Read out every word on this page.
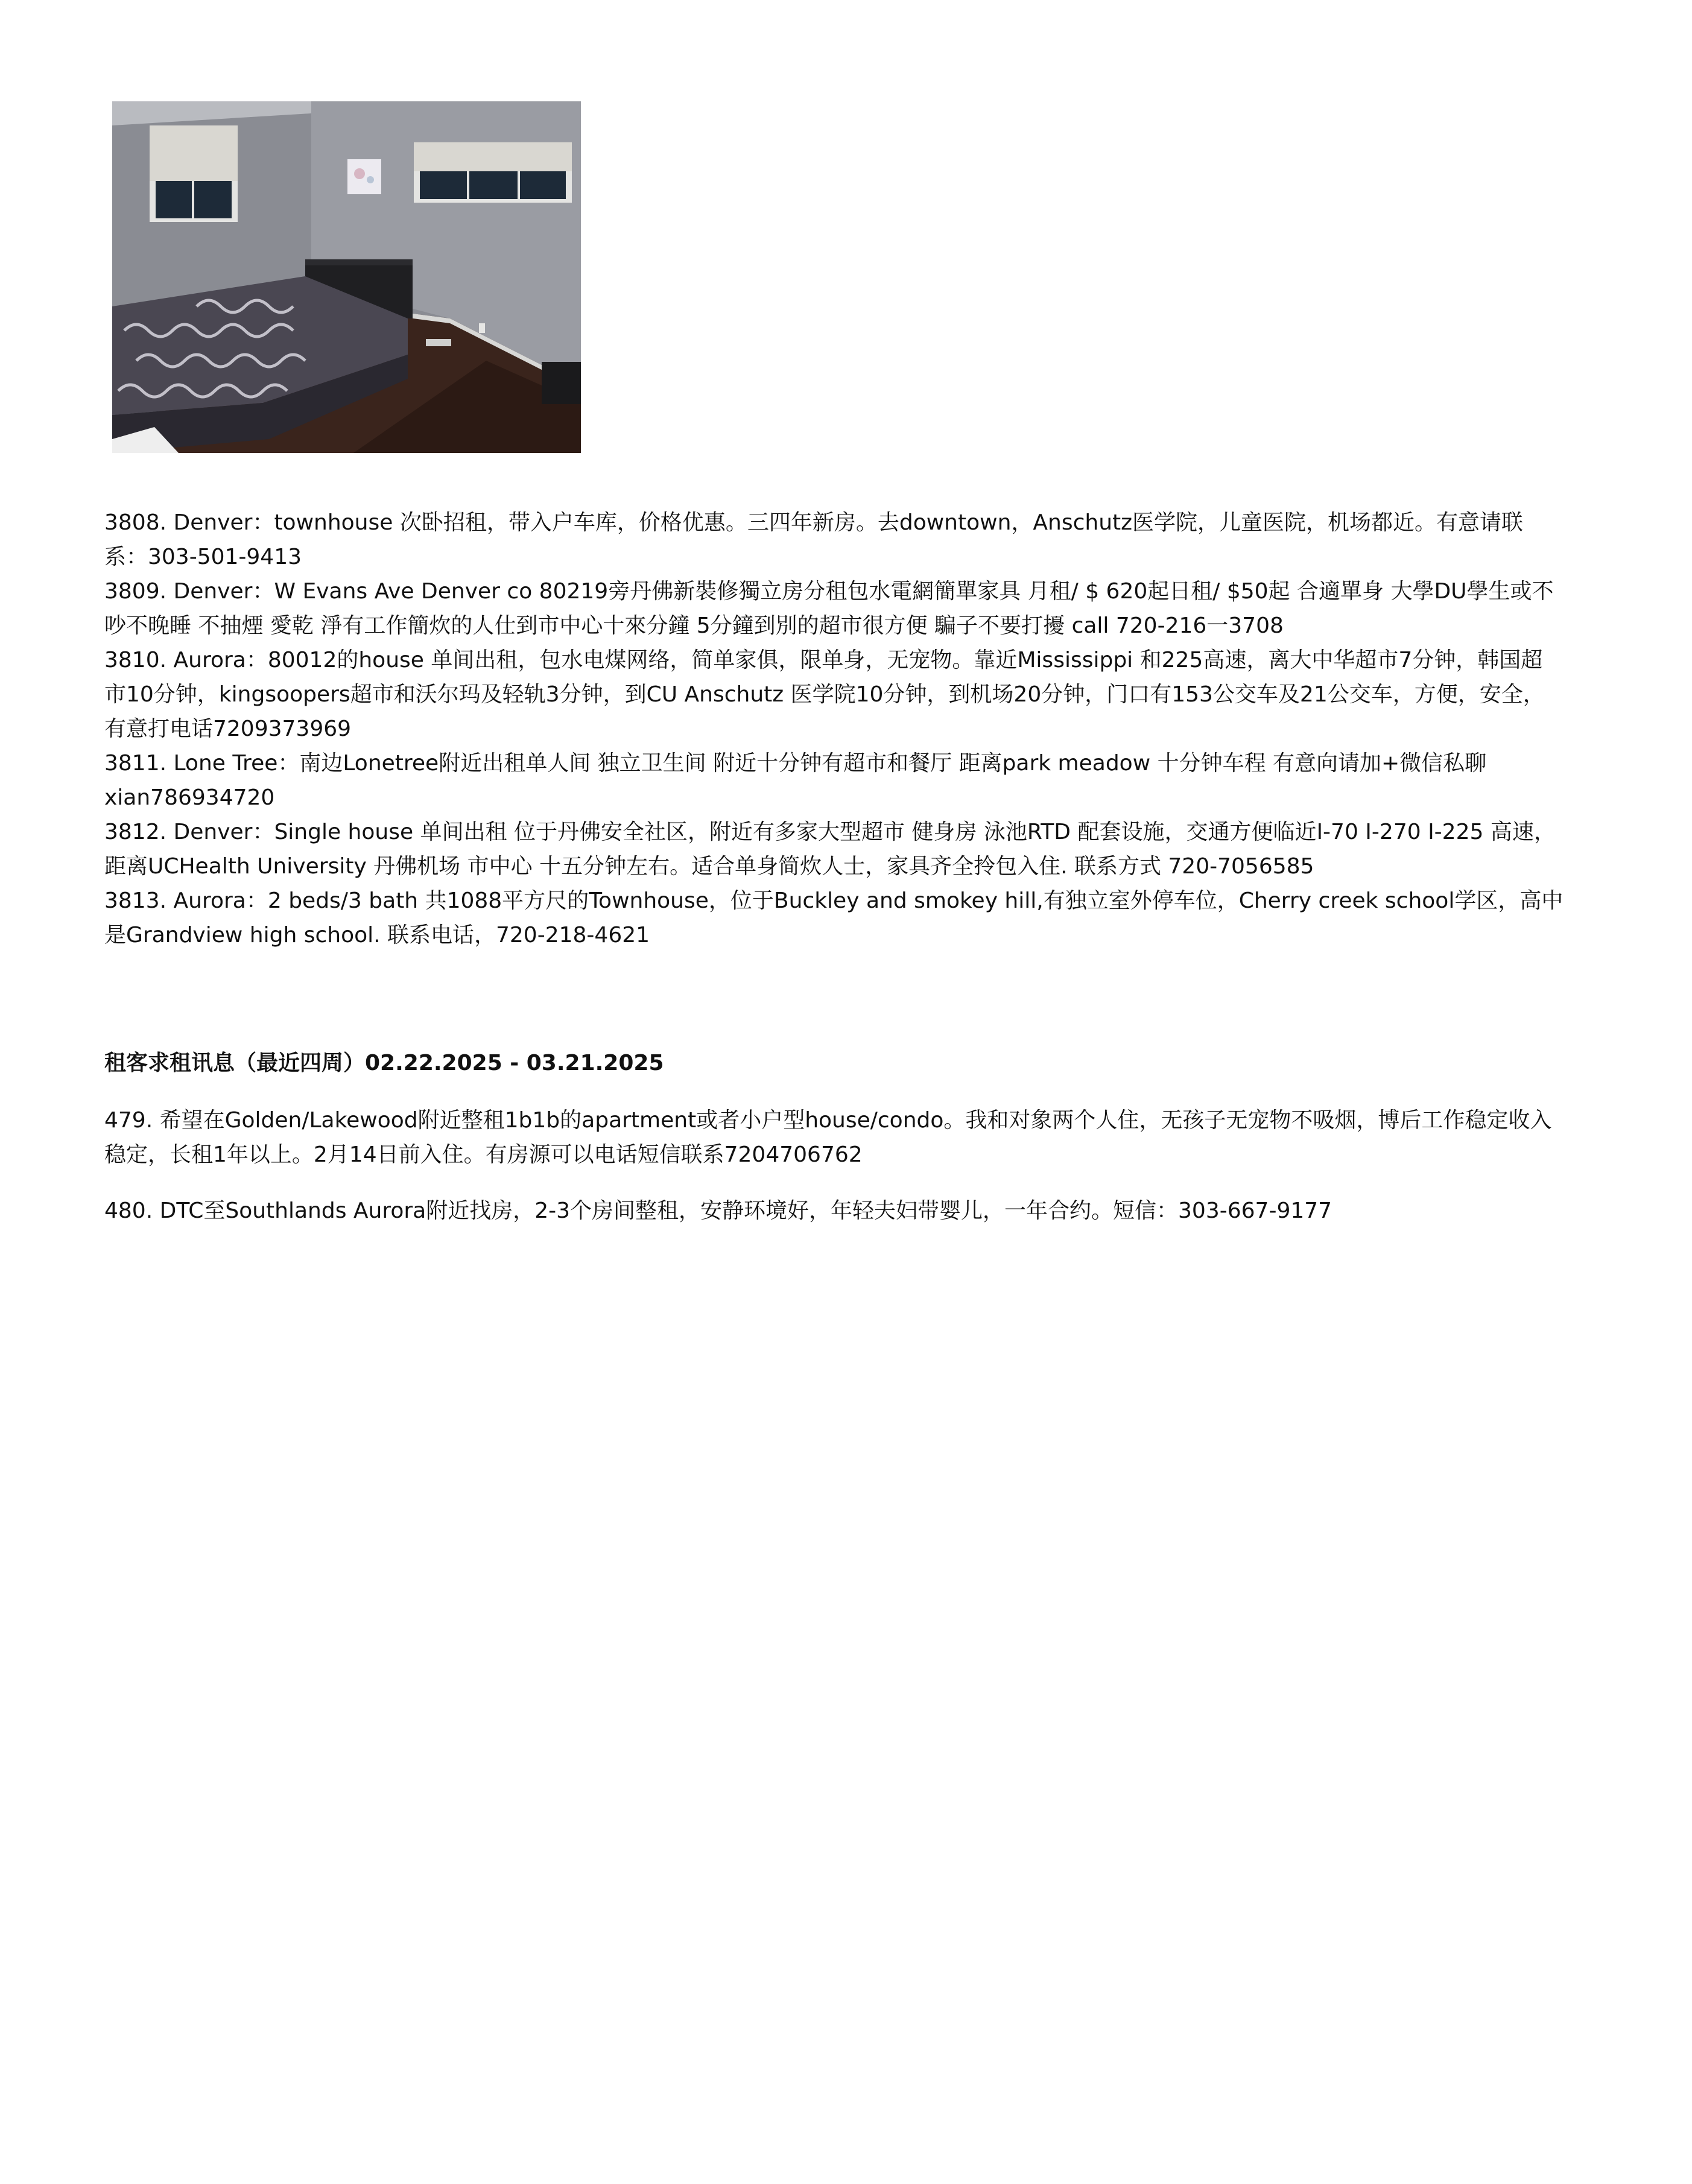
3808. Denver：townhouse 次卧招租，带入户车库，价格优惠。三四年新房。去downtown，Anschutz医学院，儿童医院，机场都近。有意请联系：303-501-9413

3809. Denver：W Evans Ave Denver co 80219旁丹佛新裝修獨立房分租包水電網簡單家具 月租/ $ 620起日租/ $50起 合適單身 大學DU學生或不吵不晚睡 不抽煙 愛乾 淨有工作簡炊的人仕到市中心十來分鐘 5分鐘到別的超市很方便 騙子不要打擾 call 720-216一3708

3810. Aurora：80012的house 单间出租，包水电煤网络，简单家俱，限单身，无宠物。靠近Mississippi 和225高速，离大中华超市7分钟，韩国超市10分钟，kingsoopers超市和沃尔玛及轻轨3分钟，到CU Anschutz 医学院10分钟，到机场20分钟，门口有153公交车及21公交车，方便，安全，有意打电话7209373969

3811. Lone Tree：南边Lonetree附近出租单人间 独立卫生间 附近十分钟有超市和餐厅 距离park meadow 十分钟车程 有意向请加+微信私聊xian786934720

3812. Denver：Single house 单间出租 位于丹佛安全社区，附近有多家大型超市 健身房 泳池RTD 配套设施，交通方便临近I-70 I-270 I-225 高速，距离UCHealth University 丹佛机场 市中心 十五分钟左右。适合单身简炊人士，家具齐全拎包入住. 联系方式 720-7056585

3813. Aurora：2 beds/3 bath 共1088平方尺的Townhouse，位于Buckley and smokey hill,有独立室外停车位，Cherry creek school学区，高中是Grandview high school. 联系电话，720-218-4621

租客求租讯息（最近四周）02.22.2025 - 03.21.2025

479. 希望在Golden/Lakewood附近整租1b1b的apartment或者小户型house/condo。我和对象两个人住，无孩子无宠物不吸烟，博后工作稳定收入稳定，长租1年以上。2月14日前入住。有房源可以电话短信联系7204706762

480. DTC至Southlands Aurora附近找房，2-3个房间整租，安静环境好，年轻夫妇带婴儿，一年合约。短信：303-667-9177
